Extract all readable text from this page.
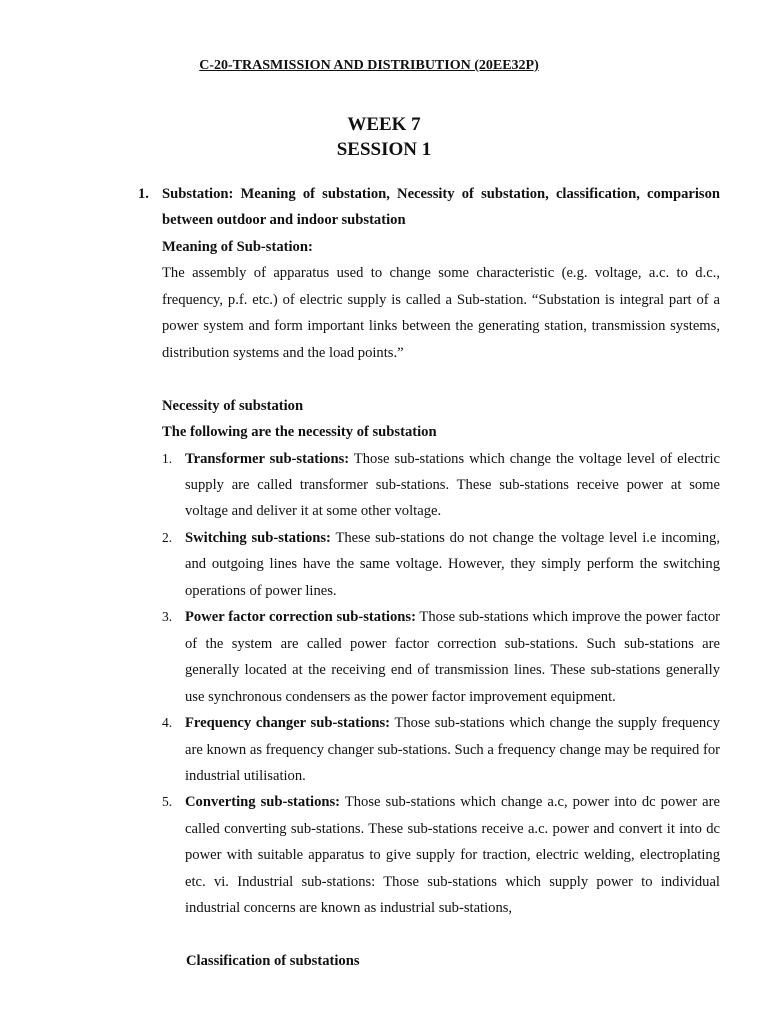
C-20-TRASMISSION AND DISTRIBUTION (20EE32P)
WEEK 7
SESSION 1
1. Substation: Meaning of substation, Necessity of substation, classification, comparison between outdoor and indoor substation

Meaning of Sub-station:

The assembly of apparatus used to change some characteristic (e.g. voltage, a.c. to d.c., frequency, p.f. etc.) of electric supply is called a Sub-station. “Substation is integral part of a power system and form important links between the generating station, transmission systems, distribution systems and the load points.”

Necessity of substation
The following are the necessity of substation
1. Transformer sub-stations: Those sub-stations which change the voltage level of electric supply are called transformer sub-stations. These sub-stations receive power at some voltage and deliver it at some other voltage.
2. Switching sub-stations: These sub-stations do not change the voltage level i.e incoming, and outgoing lines have the same voltage. However, they simply perform the switching operations of power lines.
3. Power factor correction sub-stations: Those sub-stations which improve the power factor of the system are called power factor correction sub-stations. Such sub-stations are generally located at the receiving end of transmission lines. These sub-stations generally use synchronous condensers as the power factor improvement equipment.
4. Frequency changer sub-stations: Those sub-stations which change the supply frequency are known as frequency changer sub-stations. Such a frequency change may be required for industrial utilisation.
5. Converting sub-stations: Those sub-stations which change a.c, power into dc power are called converting sub-stations. These sub-stations receive a.c. power and convert it into dc power with suitable apparatus to give supply for traction, electric welding, electroplating etc. vi. Industrial sub-stations: Those sub-stations which supply power to individual industrial concerns are known as industrial sub-stations,
Classification of substations
